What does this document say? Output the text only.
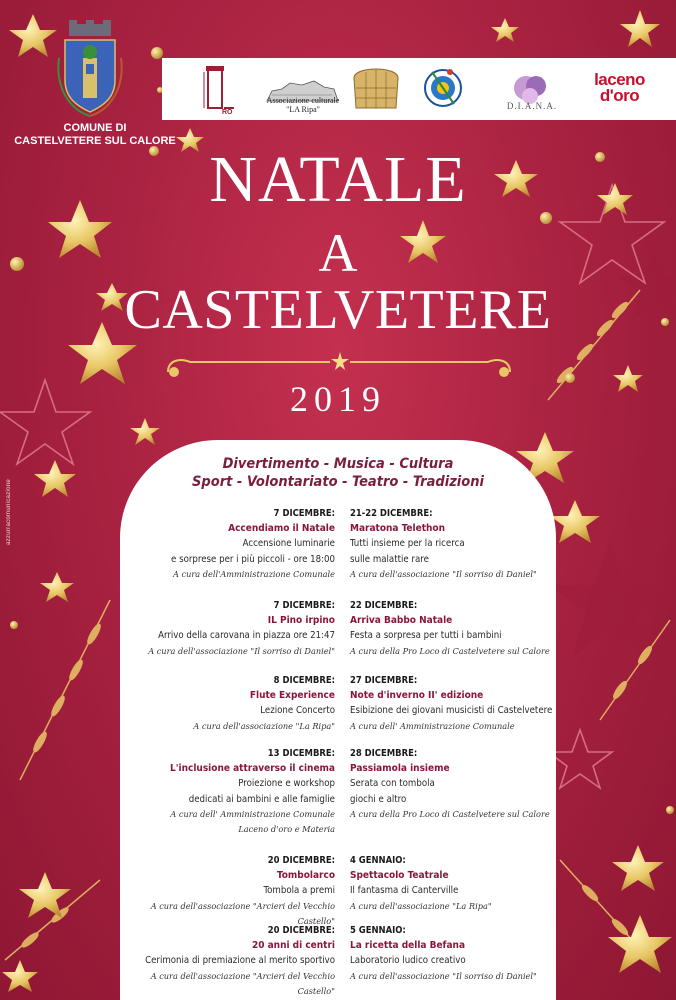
COMUNE DI
CASTELVETERE SUL CALORE
RO
Associazione culturale
"LA Ripa"	D.I.A.N.A.
laceno
d'oro
NATALE
A
CASTELVETERE
2019
Divertimento - Musica - Cultura
Sport - Volontariato - Teatro - Tradizioni
7 DICEMBRE:
Accendiamo il Natale
Accensione luminarie
e sorprese per i più piccoli - ore 18:00
A cura dell'Amministrazione Comunale
7 DICEMBRE:
IL Pino irpino
Arrivo della carovana in piazza ore 21:47
A cura dell'associazione "Il sorriso di Daniel"
8 DICEMBRE:
Flute Experience
Lezione Concerto
A cura dell'associazione "La Ripa"
13 DICEMBRE:
L'inclusione attraverso il cinema
Proiezione e workshop
dedicati ai bambini e alle famiglie
A cura dell' Amministrazione Comunale
Laceno d'oro e Materia
20 DICEMBRE:
Tombolarco
Tombola a premi
A cura dell'associazione "Arcieri del Vecchio Castello"
20 DICEMBRE:
20 anni di centri
Cerimonia di premiazione al merito sportivo
A cura dell'associazione "Arcieri del Vecchio Castello"
21-22 DICEMBRE:
Maratona Telethon
Tutti insieme per la ricerca
sulle malattie rare
A cura dell'associazione "Il sorriso di Daniel"
22 DICEMBRE:
Arriva Babbo Natale
Festa a sorpresa per tutti i bambini
A cura della Pro Loco di Castelvetere sul Calore
27 DICEMBRE:
Note d'inverno II' edizione
Esibizione dei giovani musicisti di Castelvetere
A cura dell' Amministrazione Comunale
28 DICEMBRE:
Passiamola insieme
Serata con tombola
giochi e altro
A cura della Pro Loco di Castelvetere sul Calore
4 GENNAIO:
Spettacolo Teatrale
Il fantasma di Canterville
A cura dell'associazione "La Ripa"
5 GENNAIO:
La ricetta della Befana
Laboratorio ludico creativo
A cura dell'associazione "Il sorriso di Daniel"
azzurracomunicazione
